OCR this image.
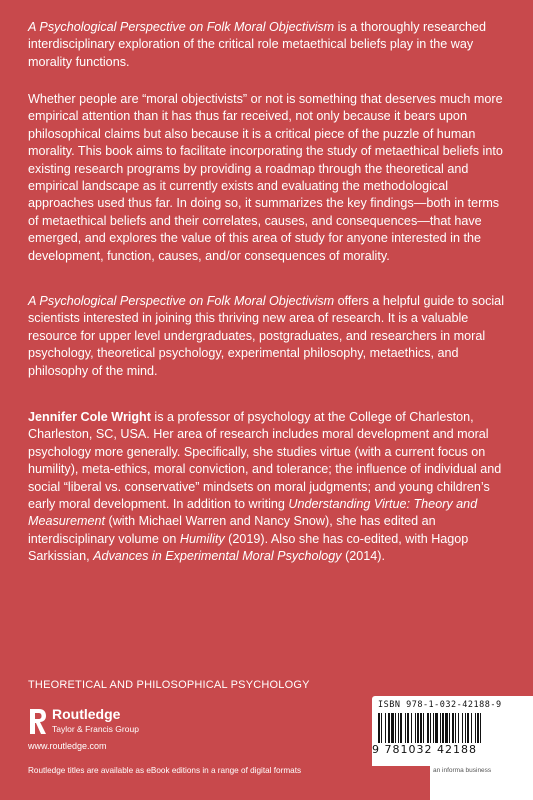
A Psychological Perspective on Folk Moral Objectivism is a thoroughly researched interdisciplinary exploration of the critical role metaethical beliefs play in the way morality functions.

Whether people are “moral objectivists” or not is something that deserves much more empirical attention than it has thus far received, not only because it bears upon philosophical claims but also because it is a critical piece of the puzzle of human morality. This book aims to facilitate incorporating the study of metaethical beliefs into existing research programs by providing a roadmap through the theoretical and empirical landscape as it currently exists and evaluating the methodological approaches used thus far. In doing so, it summarizes the key findings—both in terms of metaethical beliefs and their correlates, causes, and consequences—that have emerged, and explores the value of this area of study for anyone interested in the development, function, causes, and/or consequences of morality.

A Psychological Perspective on Folk Moral Objectivism offers a helpful guide to social scientists interested in joining this thriving new area of research. It is a valuable resource for upper level undergraduates, postgraduates, and researchers in moral psychology, theoretical psychology, experimental philosophy, metaethics, and philosophy of the mind.

Jennifer Cole Wright is a professor of psychology at the College of Charleston, Charleston, SC, USA. Her area of research includes moral development and moral psychology more generally. Specifically, she studies virtue (with a current focus on humility), meta-ethics, moral conviction, and tolerance; the influence of individual and social “liberal vs. conservative” mindsets on moral judgments; and young children’s early moral development. In addition to writing Understanding Virtue: Theory and Measurement (with Michael Warren and Nancy Snow), she has edited an interdisciplinary volume on Humility (2019). Also she has co-edited, with Hagop Sarkissian, Advances in Experimental Moral Psychology (2014).

THEORETICAL AND PHILOSOPHICAL PSYCHOLOGY
Routledge
Taylor & Francis Group
www.routledge.com
Routledge titles are available as eBook editions in a range of digital formats
ISBN 978-1-032-42188-9
9 781032 42188
an informa business
